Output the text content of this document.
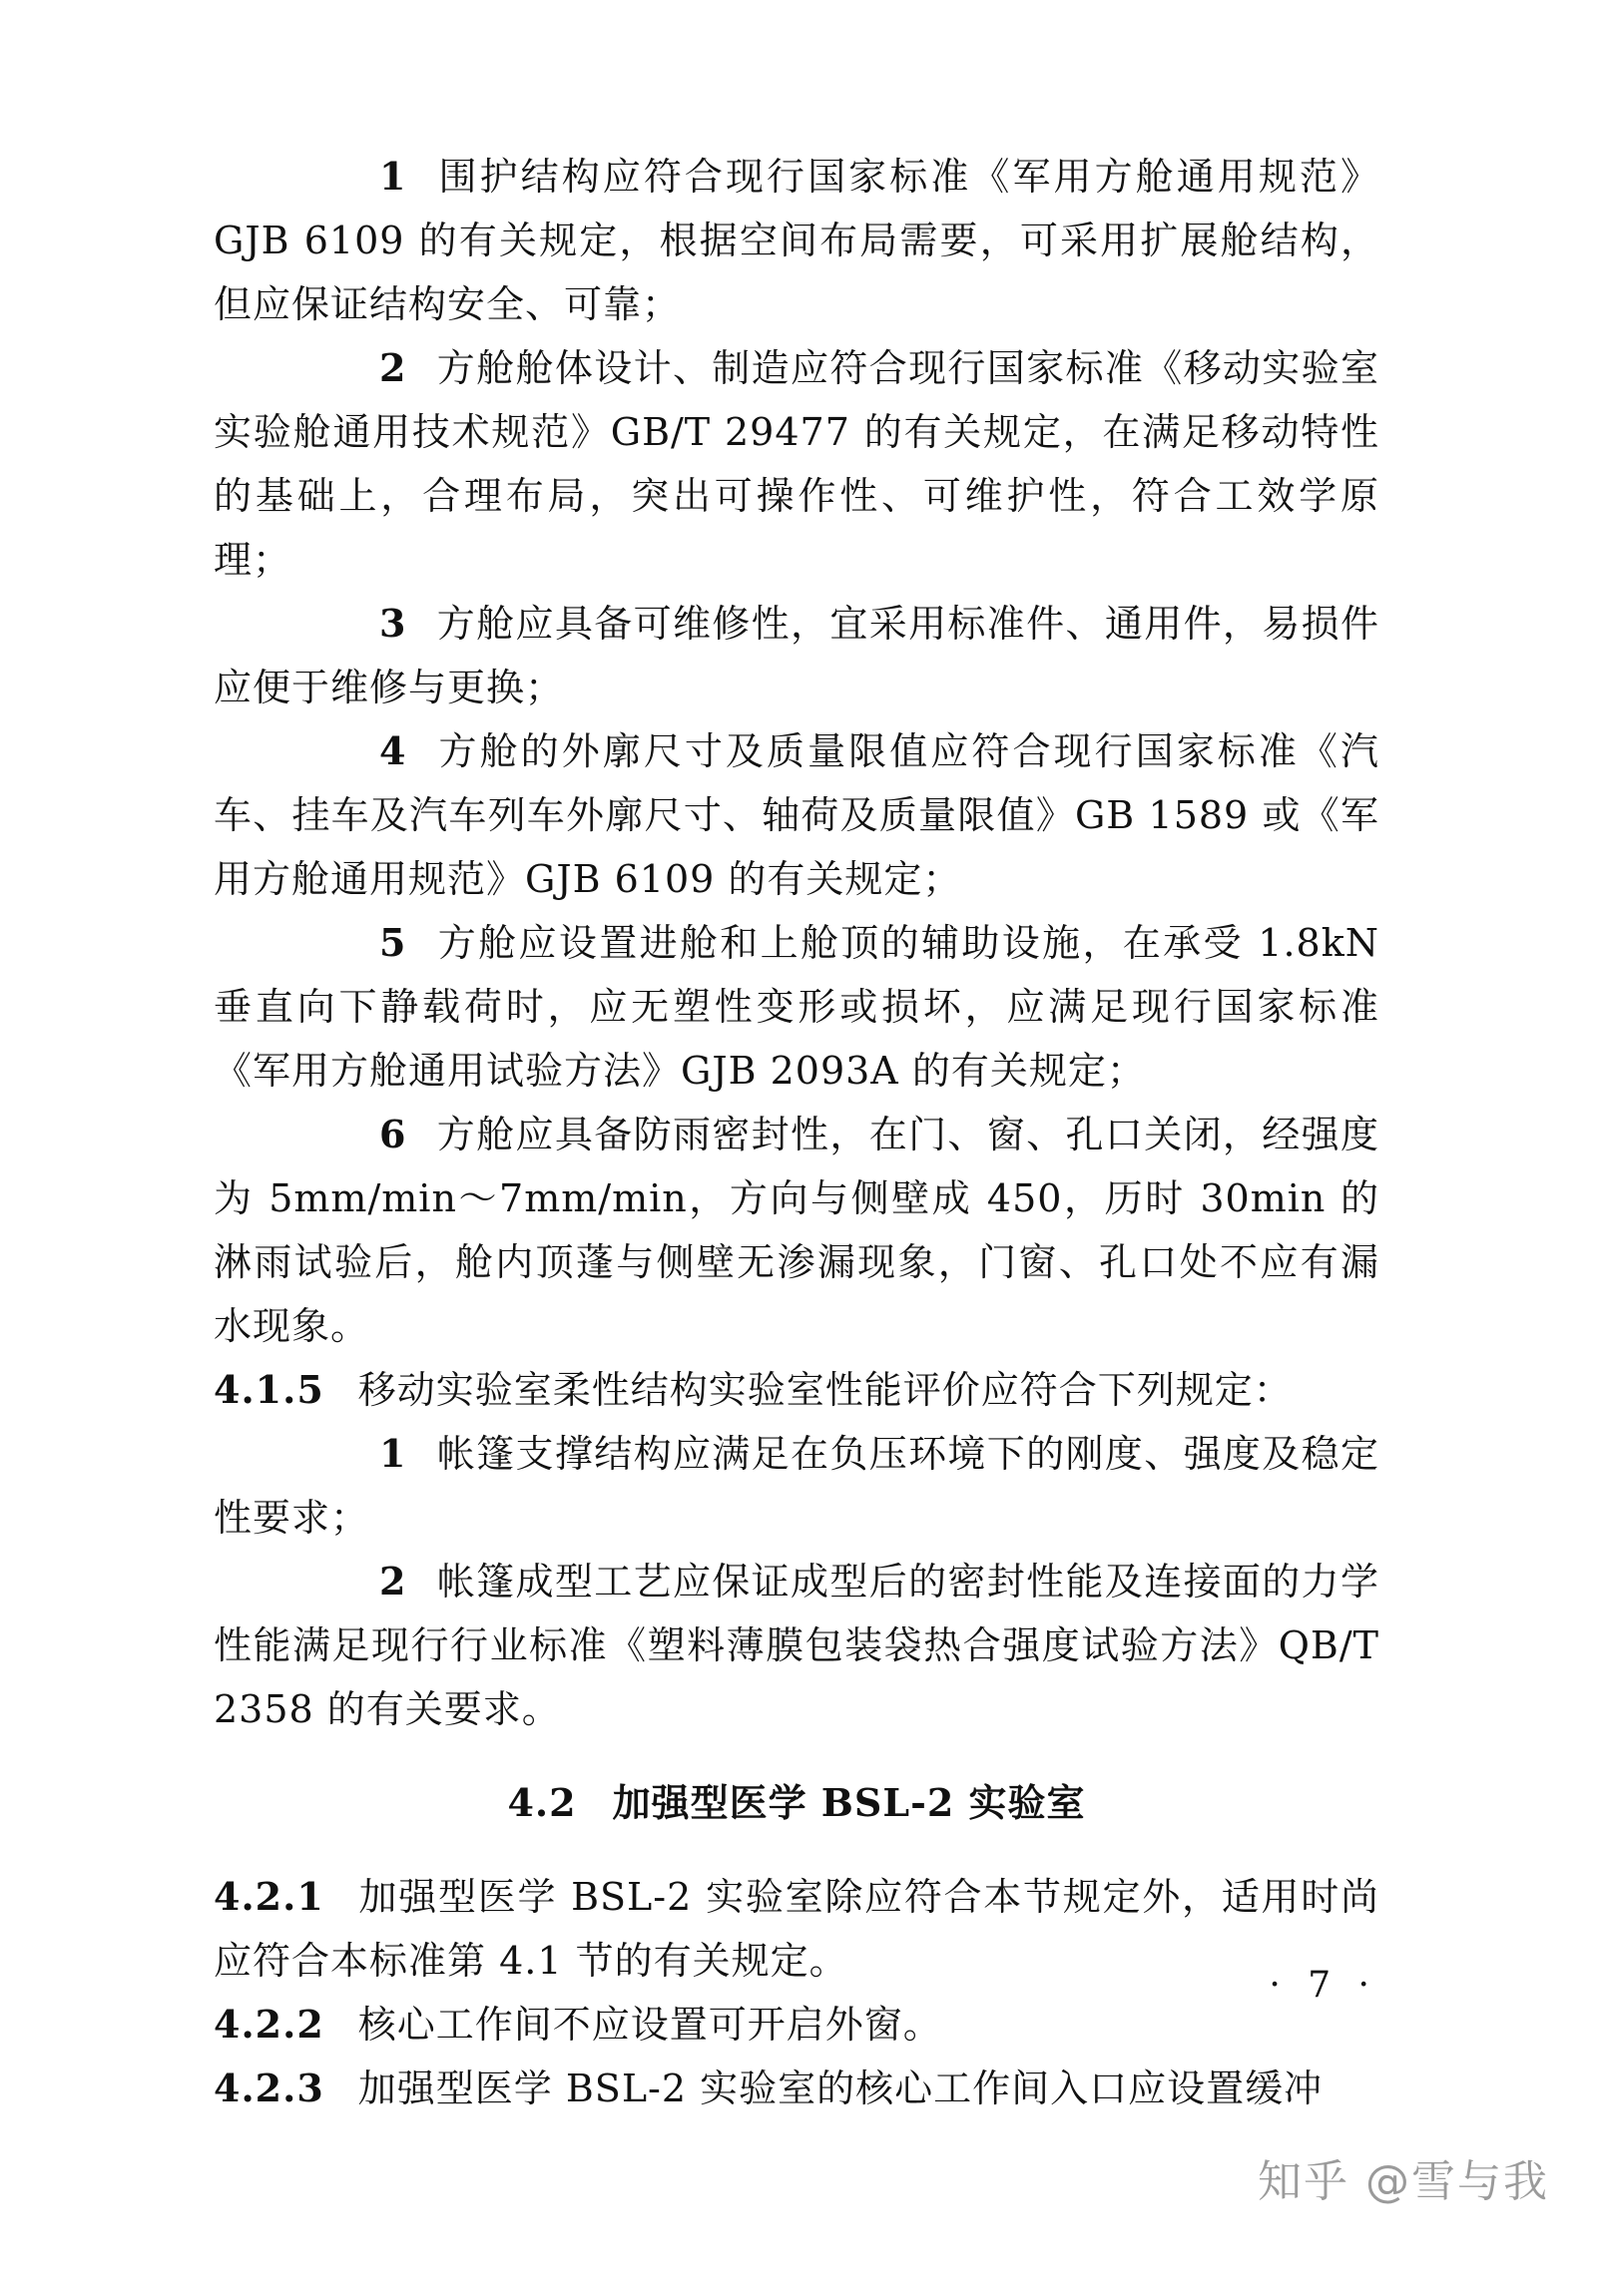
1 围护结构应符合现行国家标准《军用方舱通用规范》GJB 6109 的有关规定，根据空间布局需要，可采用扩展舱结构，但应保证结构安全、可靠；

2 方舱舱体设计、制造应符合现行国家标准《移动实验室实验舱通用技术规范》GB/T 29477 的有关规定，在满足移动特性的基础上，合理布局，突出可操作性、可维护性，符合工效学原理；

3 方舱应具备可维修性，宜采用标准件、通用件，易损件应便于维修与更换；

4 方舱的外廓尺寸及质量限值应符合现行国家标准《汽车、挂车及汽车列车外廓尺寸、轴荷及质量限值》GB 1589 或《军用方舱通用规范》GJB 6109 的有关规定；

5 方舱应设置进舱和上舱顶的辅助设施，在承受 1.8kN 垂直向下静载荷时，应无塑性变形或损坏，应满足现行国家标准《军用方舱通用试验方法》GJB 2093A 的有关规定；

6 方舱应具备防雨密封性，在门、窗、孔口关闭，经强度为 5mm/min～7mm/min，方向与侧壁成 450，历时 30min 的淋雨试验后，舱内顶蓬与侧壁无渗漏现象，门窗、孔口处不应有漏水现象。

4.1.5 移动实验室柔性结构实验室性能评价应符合下列规定：

1 帐篷支撑结构应满足在负压环境下的刚度、强度及稳定性要求；

2 帐篷成型工艺应保证成型后的密封性能及连接面的力学性能满足现行行业标准《塑料薄膜包装袋热合强度试验方法》QB/T 2358 的有关要求。

4.2 加强型医学 BSL-2 实验室

4.2.1 加强型医学 BSL-2 实验室除应符合本节规定外，适用时尚应符合本标准第 4.1 节的有关规定。

4.2.2 核心工作间不应设置可开启外窗。

4.2.3 加强型医学 BSL-2 实验室的核心工作间入口应设置缓冲

· 7 ·
知乎 @雪与我
